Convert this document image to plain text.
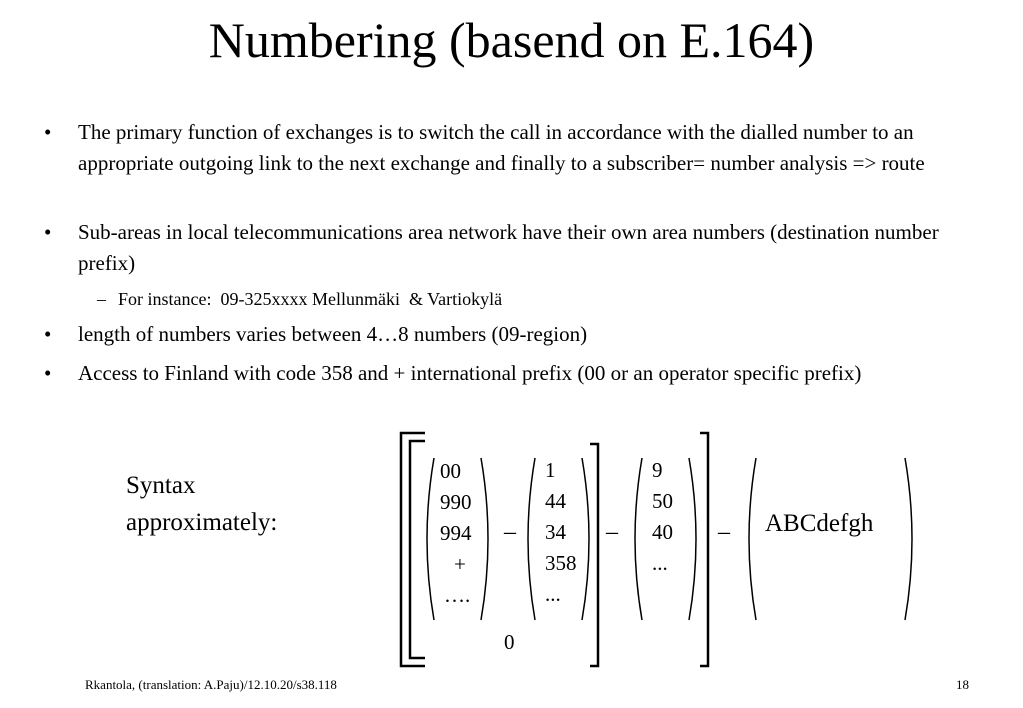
Numbering (basend on E.164)
• The primary function of exchanges is to switch the call in accordance with the dialled number to an appropriate outgoing link to the next exchange and finally to a subscriber= number analysis => route
• Sub-areas in local telecommunications area network have their own area numbers (destination number prefix)
– For instance:  09-325xxxx Mellunmäki  & Vartiokylä
• length of numbers varies between 4…8 numbers (09-region)
• Access to Finland with code 358 and + international prefix (00 or an operator specific prefix)
Syntax
approximately:
00
990
994
+
….
1
44
34
358
...
9
50
40
...
ABCdefgh
–	–	–
0
Rkantola, (translation: A.Paju)/12.10.20/s38.118	18
